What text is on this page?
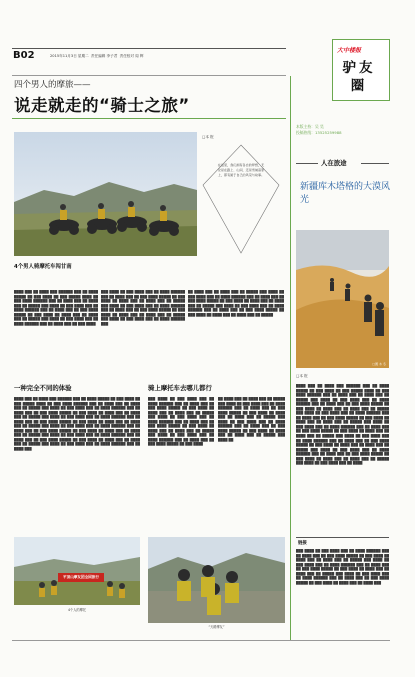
B02	2015年11月3日 星期二 责任编辑 李子君 责任校对 周 辉
大中楼报
驴友圈
本版主持：吴 昊
投稿热线：13525259988
四个男人的摩旅——
说走就走的“骑士之旅”
□本 报
4个男人骑摩托车闯甘南
在这里，我们拥有各自的梦想，无论是在路上、山间，还是雪域高原上，都有属于自己的风景与故事。
████ ███ ██ ████ ███ ██████ ███ ██ ████ █████ ██ ███ ████ ██ ███ █████ ████ ██ ███ ████ ██████ ███ ██ ████ ███ ██ ████ ███ ██ █████ ███ ████ ██ ███ ████ ███ ██ ████ ██████ ███ ██ ████ ███ ██ ███ ████ █████ ██ ███ ████ ██ ████ ███ ██ ████ ███ ██ █████ ███ ████ ██ ███ ████ ███ ██ ████ ██████ ███ ██ ████ ███ ██ ███ ████
███ ████ ██ ███ ████ ███ ██ ████ ██████ ███ ██ ████ ███ ██ ███ ████ █████ ██ ███ ████ ██ ████ ███ ██ ████ ███ ██ █████ ███ ████ ██ ███ ████ ███ ██ ████ ██████ ███ ██ ████ ███ ██ ███ ████ █████ ██ ███ ████ ██ ████ ███ ██ ████ ███ ██ █████ ███ ████ ██ ███ ████ ███ ██ ████ ██████ ███
██ ████ ███ ██ ████ ███ ██ █████ ███ ████ ██ ███ ████ ███ ██ ████ ██████ ███ ██ ████ ███ ██ ███ ████ █████ ██ ███ ████ ██ ████ ███ ██ ████ ███ ██ █████ ███ ████ ██ ███ ████ ███ ██ ████ ██████ ███ ██ ████ ███ ██ ███ ████ █████ ██ ███ ████ ██ ████ ███ ██ ████ ███ ██ █████
一种完全不同的体验
████ ███ ██ ████ ███ ██████ ███ ██ ████ █████ ██ ███ ████ ██ ███ █████ ████ ██ ███ ████ ██████ ███ ██ ████ ███ ██ ████ ███ ██ █████ ███ ████ ██ ███ ████ ███ ██ ████ ██████ ███ ██ ████ ███ ██ ███ ████ █████ ██ ███ ████ ██ ████ ███ ██ ████ ███ ██ █████ ███ ████ ██ ███ ████ ███ ██ ████ ██████ ███ ██ ████ ███ ██ ███ ████ █████ ██ ███ ████ ██ ████ ███ ██ ████ ███ ██ █████ ███ ████ ██ ███ ████ ███ ██ ████ ██████ ███ ██ ████ ███ ██ ███ ████ █████ ██ ███ ████ ██ ████ ███ ██ ████ ███ ██ █████ ███ ████ ██ ███ ████ ███ ██ ████ ██████ ███ ██ ████ ███ ██ ███ ████ █████ ██ ███ ████ ██ ████ ███ ██ ████ ███ ██ █████ ███ ████ ██ ███ ████ ███ ██ ████ ██████ ███ ██ ████ ███
骑上摩托车去哪儿都行
███ ████ ██ ███ ████ ███ ██ ████ ██████ ███ ██ ████ ███ ██ ███ ████ █████ ██ ███ ████ ██ ████ ███ ██ ████ ███ ██ █████ ███ ████ ██ ███ ████ ███ ██ ████ ██████ ███ ██ ████ ███ ██ ███ ████ █████ ██ ███ ████ ██ ████ ███ ██ ████ ███ ██ █████ ███ ████ ██ ███ ████ ███ ██ ████ ██████ ███ ██ ████ ███ ██ ███ ████ █████ ██ ███ ████
██ ████ ███ ██ ████ ███ ██ █████ ███ ████ ██ ███ ████ ███ ██ ████ ██████ ███ ██ ████ ███ ██ ███ ████ █████ ██ ███ ████ ██ ████ ███ ██ ████ ███ ██ █████ ███ ████ ██ ███ ████ ███ ██ ████ ██████ ███ ██ ████ ███ ██ ███ ████ █████ ██ ███ ████ ██ ████ ███ ██ ████ ███ ██ █████ ███ ████ ██
平顶山摩友团全国旅行
4个人的摩托
“天路摩友”
人在旅途
新疆库木塔格的大漠风光
□图 木 冬
□本 报
████ ███ ██ ████ ███ ██████ ███ ██ ████ █████ ██ ███ ████ ██ ███ █████ ████ ██ ███ ████ ██████ ███ ██ ████ ███ ██ ████ ███ ██ █████ ███ ████ ██ ███ ████ ███ ██ ████ ██████ ███ ██ ████ ███ ██ ███ ████ █████ ██ ███ ████ ██ ████ ███ ██ ████ ███ ██ █████ ███ ████ ██ ███ ████ ███ ██ ████ ██████ ███ ██ ████ ███ ██ ███ ████ █████ ██ ███ ████ ██ ████ ███ ██ ████ ███ ██ █████ ███ ████ ██ ███ ████ ███ ██ ████ ██████ ███ ██ ████ ███ ██ ███ ████ █████ ██ ███ ████ ██ ████ ███ ██ ████ ███ ██ █████ ███ ████ ██ ███ ████ ███ ██ ████ ██████ ███ ██ ████ ███ ██ ███ ████ █████ ██ ███ ████ ██ ████ ███ ██ ████ ███ ██ █████ ███ ████ ██ ███ ████ ███ ██ ████ ██████ ███ ██ ████ ███ ██ ███ ████ █████ ██ ███ ████ ██ ████ ███ ██ ████ ███ ██ █████ ███ ████ ██ ███ ████ ███ ██ ████
链接
███ ████ ██ ███ ████ ███ ██ ████ ██████ ███ ██ ████ ███ ██ ███ ████ █████ ██ ███ ████ ██ ████ ███ ██ ████ ███ ██ █████ ███ ████ ██ ███ ████ ███ ██ ████ ██████ ███ ██ ████ ███ ██ ███ ████ █████ ██ ███ ████ ██ ████ ███ ██ ████ ███ ██ █████ ███ ████ ██ ███ ████ ███ ██ ████ ██████ ███ ██ ████ ███ ██ ███ ████ █████ ██ ███ ████ ██ ████ ███ ██ ████ ███
